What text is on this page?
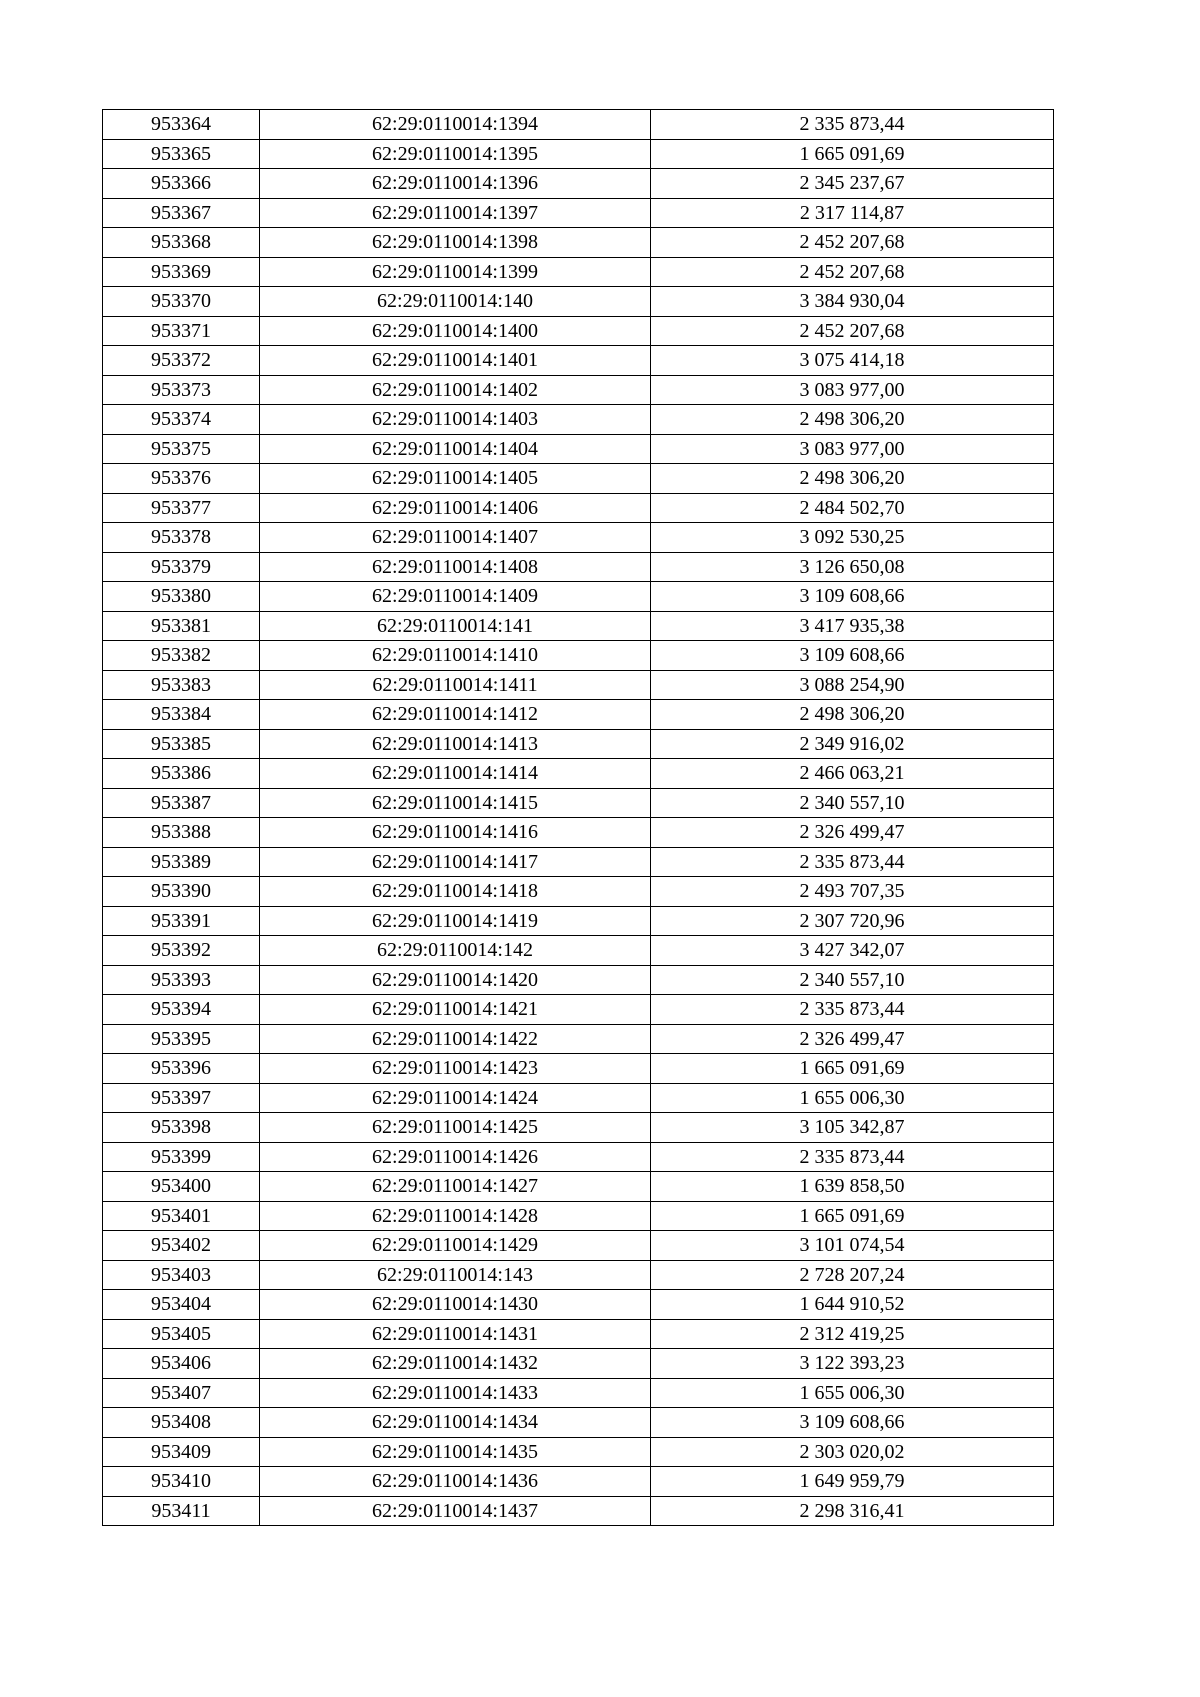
953364	62:29:0110014:1394	2 335 873,44
953365	62:29:0110014:1395	1 665 091,69
953366	62:29:0110014:1396	2 345 237,67
953367	62:29:0110014:1397	2 317 114,87
953368	62:29:0110014:1398	2 452 207,68
953369	62:29:0110014:1399	2 452 207,68
953370	62:29:0110014:140	3 384 930,04
953371	62:29:0110014:1400	2 452 207,68
953372	62:29:0110014:1401	3 075 414,18
953373	62:29:0110014:1402	3 083 977,00
953374	62:29:0110014:1403	2 498 306,20
953375	62:29:0110014:1404	3 083 977,00
953376	62:29:0110014:1405	2 498 306,20
953377	62:29:0110014:1406	2 484 502,70
953378	62:29:0110014:1407	3 092 530,25
953379	62:29:0110014:1408	3 126 650,08
953380	62:29:0110014:1409	3 109 608,66
953381	62:29:0110014:141	3 417 935,38
953382	62:29:0110014:1410	3 109 608,66
953383	62:29:0110014:1411	3 088 254,90
953384	62:29:0110014:1412	2 498 306,20
953385	62:29:0110014:1413	2 349 916,02
953386	62:29:0110014:1414	2 466 063,21
953387	62:29:0110014:1415	2 340 557,10
953388	62:29:0110014:1416	2 326 499,47
953389	62:29:0110014:1417	2 335 873,44
953390	62:29:0110014:1418	2 493 707,35
953391	62:29:0110014:1419	2 307 720,96
953392	62:29:0110014:142	3 427 342,07
953393	62:29:0110014:1420	2 340 557,10
953394	62:29:0110014:1421	2 335 873,44
953395	62:29:0110014:1422	2 326 499,47
953396	62:29:0110014:1423	1 665 091,69
953397	62:29:0110014:1424	1 655 006,30
953398	62:29:0110014:1425	3 105 342,87
953399	62:29:0110014:1426	2 335 873,44
953400	62:29:0110014:1427	1 639 858,50
953401	62:29:0110014:1428	1 665 091,69
953402	62:29:0110014:1429	3 101 074,54
953403	62:29:0110014:143	2 728 207,24
953404	62:29:0110014:1430	1 644 910,52
953405	62:29:0110014:1431	2 312 419,25
953406	62:29:0110014:1432	3 122 393,23
953407	62:29:0110014:1433	1 655 006,30
953408	62:29:0110014:1434	3 109 608,66
953409	62:29:0110014:1435	2 303 020,02
953410	62:29:0110014:1436	1 649 959,79
953411	62:29:0110014:1437	2 298 316,41
